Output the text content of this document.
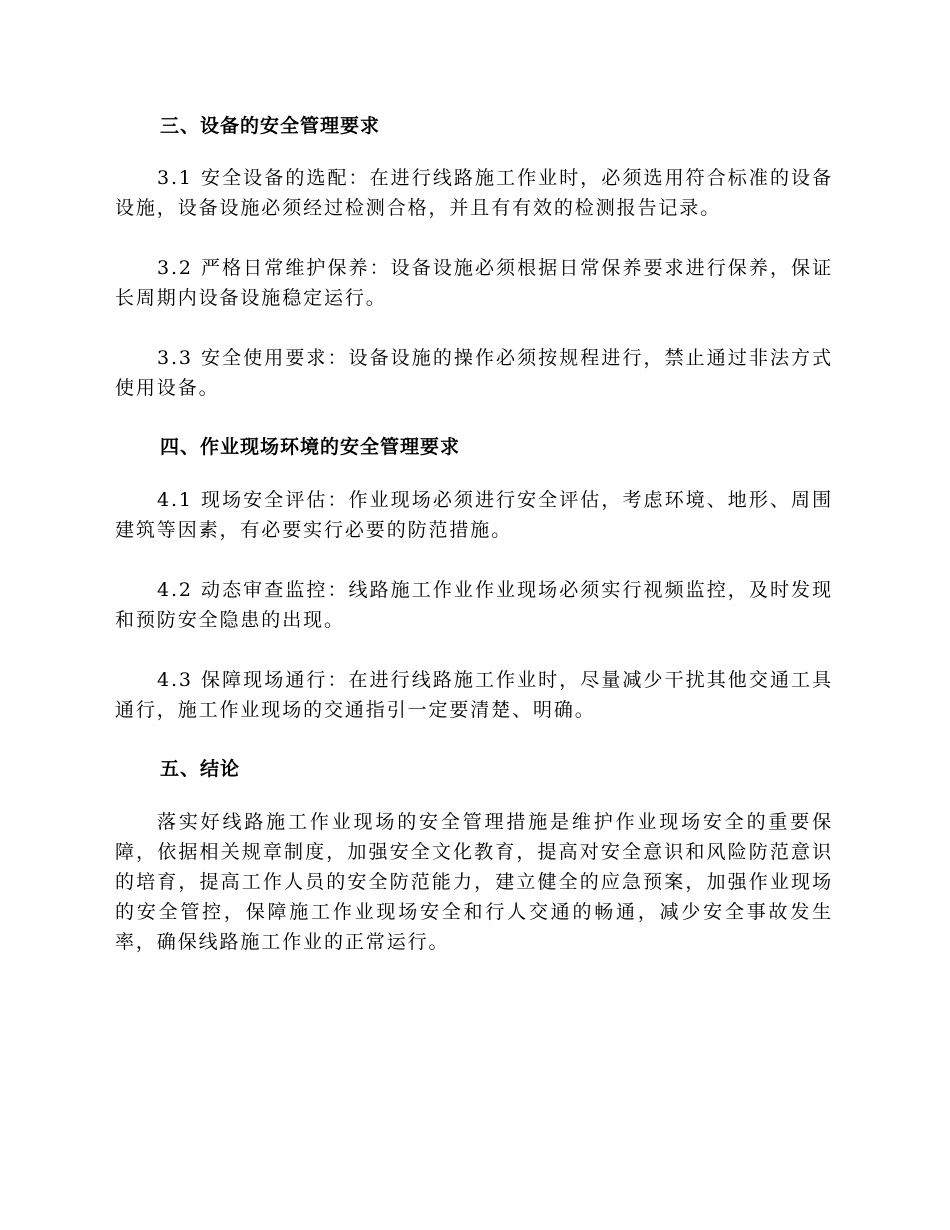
三、设备的安全管理要求

3.1 安全设备的选配：在进行线路施工作业时，必须选用符合标准的设备设施，设备设施必须经过检测合格，并且有有效的检测报告记录。

3.2 严格日常维护保养：设备设施必须根据日常保养要求进行保养，保证长周期内设备设施稳定运行。

3.3 安全使用要求：设备设施的操作必须按规程进行，禁止通过非法方式使用设备。

四、作业现场环境的安全管理要求

4.1 现场安全评估：作业现场必须进行安全评估，考虑环境、地形、周围建筑等因素，有必要实行必要的防范措施。

4.2 动态审查监控：线路施工作业作业现场必须实行视频监控，及时发现和预防安全隐患的出现。

4.3 保障现场通行：在进行线路施工作业时，尽量减少干扰其他交通工具通行，施工作业现场的交通指引一定要清楚、明确。

五、结论

落实好线路施工作业现场的安全管理措施是维护作业现场安全的重要保障，依据相关规章制度，加强安全文化教育，提高对安全意识和风险防范意识的培育，提高工作人员的安全防范能力，建立健全的应急预案，加强作业现场的安全管控，保障施工作业现场安全和行人交通的畅通，减少安全事故发生率，确保线路施工作业的正常运行。
